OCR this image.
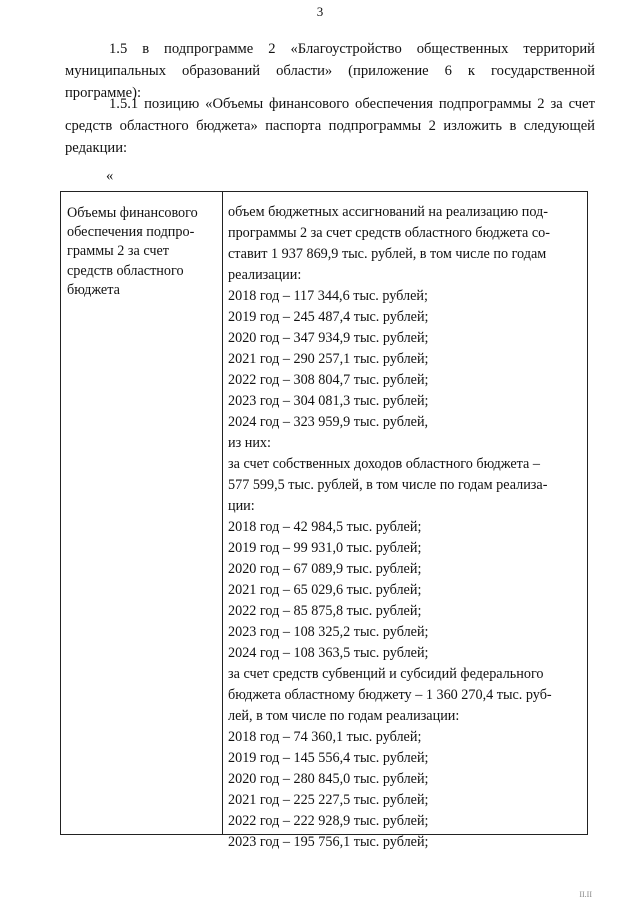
3

1.5 в подпрограмме 2 «Благоустройство общественных территорий муниципальных образований области» (приложение 6 к государственной программе):

1.5.1 позицию «Объемы финансового обеспечения подпрограммы 2 за счет средств областного бюджета» паспорта подпрограммы 2 изложить в следующей редакции:

«
Объемы финансового
обеспечения подпро-
граммы 2 за счет
средств областного
бюджета
объем бюджетных ассигнований на реализацию под-
программы 2 за счет средств областного бюджета со-
ставит 1 937 869,9 тыс. рублей, в том числе по годам
реализации:
2018 год – 117 344,6 тыс. рублей;
2019 год – 245 487,4 тыс. рублей;
2020 год – 347 934,9 тыс. рублей;
2021 год – 290 257,1 тыс. рублей;
2022 год – 308 804,7 тыс. рублей;
2023 год – 304 081,3 тыс. рублей;
2024 год – 323 959,9 тыс. рублей,
из них:
за счет собственных доходов областного бюджета –
577 599,5 тыс. рублей, в том числе по годам реализа-
ции:
2018 год – 42 984,5 тыс. рублей;
2019 год – 99 931,0 тыс. рублей;
2020 год – 67 089,9 тыс. рублей;
2021 год – 65 029,6 тыс. рублей;
2022 год – 85 875,8 тыс. рублей;
2023 год – 108 325,2 тыс. рублей;
2024 год – 108 363,5 тыс. рублей;
за счет средств субвенций и субсидий федерального
бюджета областному бюджету – 1 360 270,4 тыс. руб-
лей, в том числе по годам реализации:
2018 год – 74 360,1 тыс. рублей;
2019 год – 145 556,4 тыс. рублей;
2020 год – 280 845,0 тыс. рублей;
2021 год – 225 227,5 тыс. рублей;
2022 год – 222 928,9 тыс. рублей;
2023 год – 195 756,1 тыс. рублей;
II.II
